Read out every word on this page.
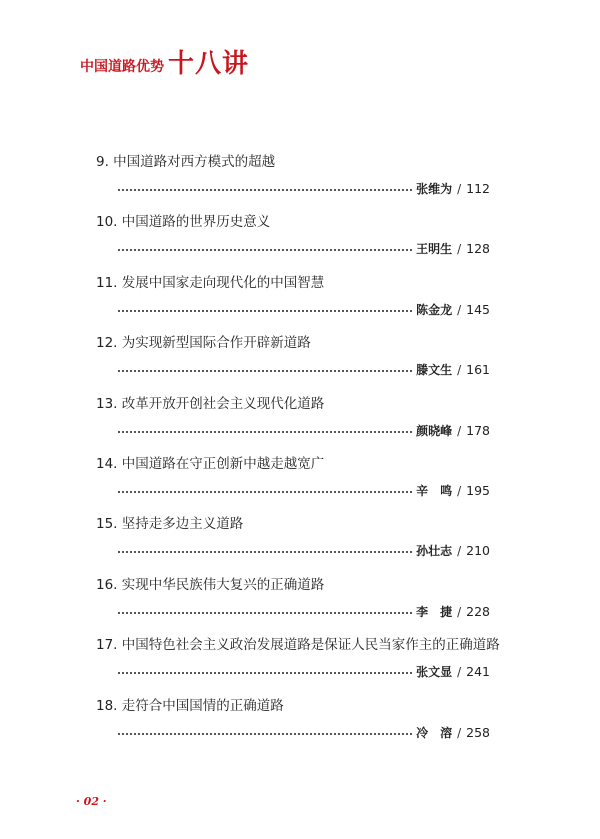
中国道路优势 十八讲
9. 中国道路对西方模式的超越
张维为 / 112
10. 中国道路的世界历史意义
王明生 / 128
11. 发展中国家走向现代化的中国智慧
陈金龙 / 145
12. 为实现新型国际合作开辟新道路
滕文生 / 161
13. 改革开放开创社会主义现代化道路
颜晓峰 / 178
14. 中国道路在守正创新中越走越宽广
辛　鸣 / 195
15. 坚持走多边主义道路
孙壮志 / 210
16. 实现中华民族伟大复兴的正确道路
李　捷 / 228
17. 中国特色社会主义政治发展道路是保证人民当家作主的正确道路
张文显 / 241
18. 走符合中国国情的正确道路
冷　溶 / 258
· 02 ·
